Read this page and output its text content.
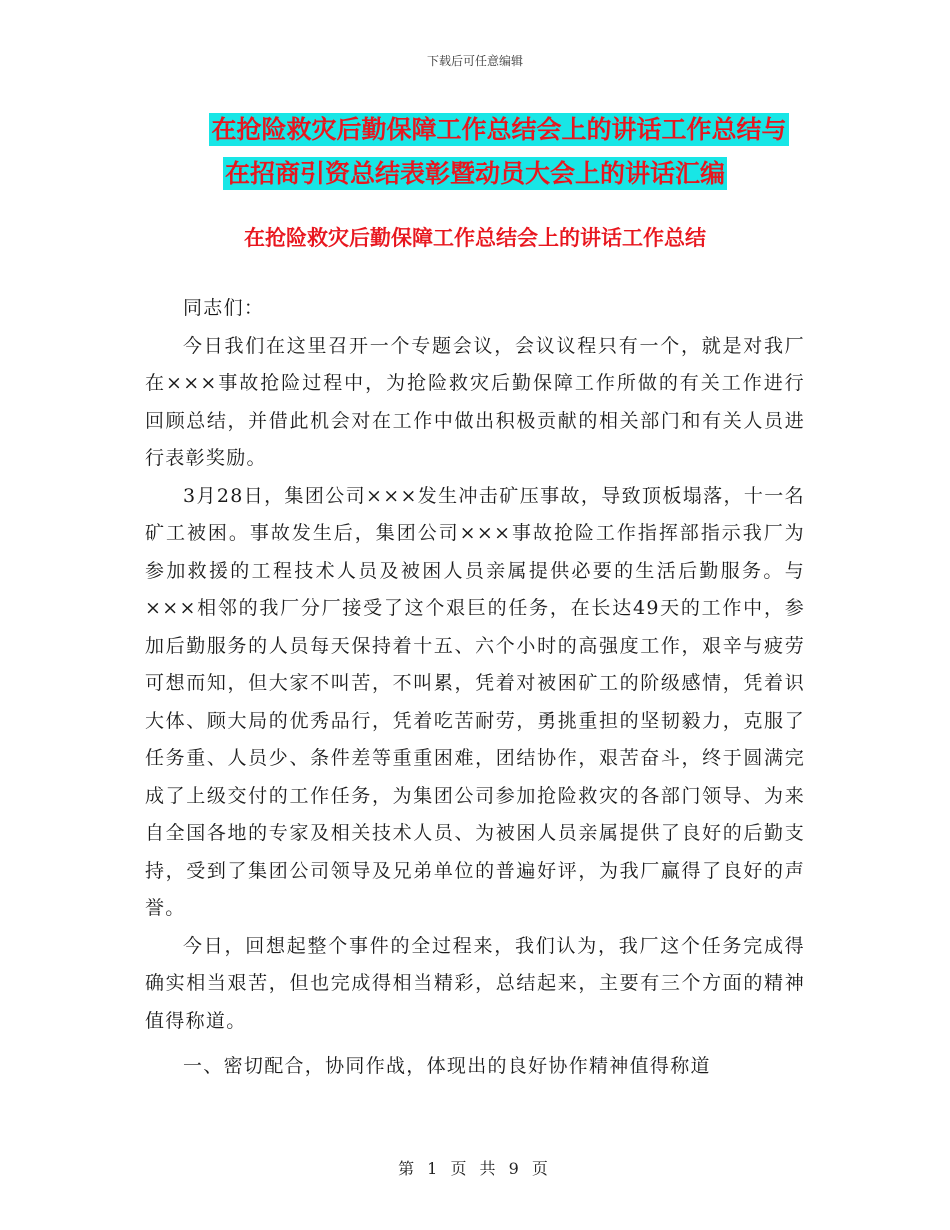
下载后可任意编辑
在抢险救灾后勤保障工作总结会上的讲话工作总结与
在招商引资总结表彰暨动员大会上的讲话汇编
在抢险救灾后勤保障工作总结会上的讲话工作总结

同志们：

今日我们在这里召开一个专题会议，会议议程只有一个，就是对我厂在×××事故抢险过程中，为抢险救灾后勤保障工作所做的有关工作进行回顾总结，并借此机会对在工作中做出积极贡献的相关部门和有关人员进行表彰奖励。

3月28日，集团公司×××发生冲击矿压事故，导致顶板塌落，十一名矿工被困。事故发生后，集团公司×××事故抢险工作指挥部指示我厂为参加救援的工程技术人员及被困人员亲属提供必要的生活后勤服务。与×××相邻的我厂分厂接受了这个艰巨的任务，在长达49天的工作中，参加后勤服务的人员每天保持着十五、六个小时的高强度工作，艰辛与疲劳可想而知，但大家不叫苦，不叫累，凭着对被困矿工的阶级感情，凭着识大体、顾大局的优秀品行，凭着吃苦耐劳，勇挑重担的坚韧毅力，克服了任务重、人员少、条件差等重重困难，团结协作，艰苦奋斗，终于圆满完成了上级交付的工作任务，为集团公司参加抢险救灾的各部门领导、为来自全国各地的专家及相关技术人员、为被困人员亲属提供了良好的后勤支持，受到了集团公司领导及兄弟单位的普遍好评，为我厂赢得了良好的声誉。

今日，回想起整个事件的全过程来，我们认为，我厂这个任务完成得确实相当艰苦，但也完成得相当精彩，总结起来，主要有三个方面的精神值得称道。

一、密切配合，协同作战，体现出的良好协作精神值得称道

第 1 页 共 9 页
